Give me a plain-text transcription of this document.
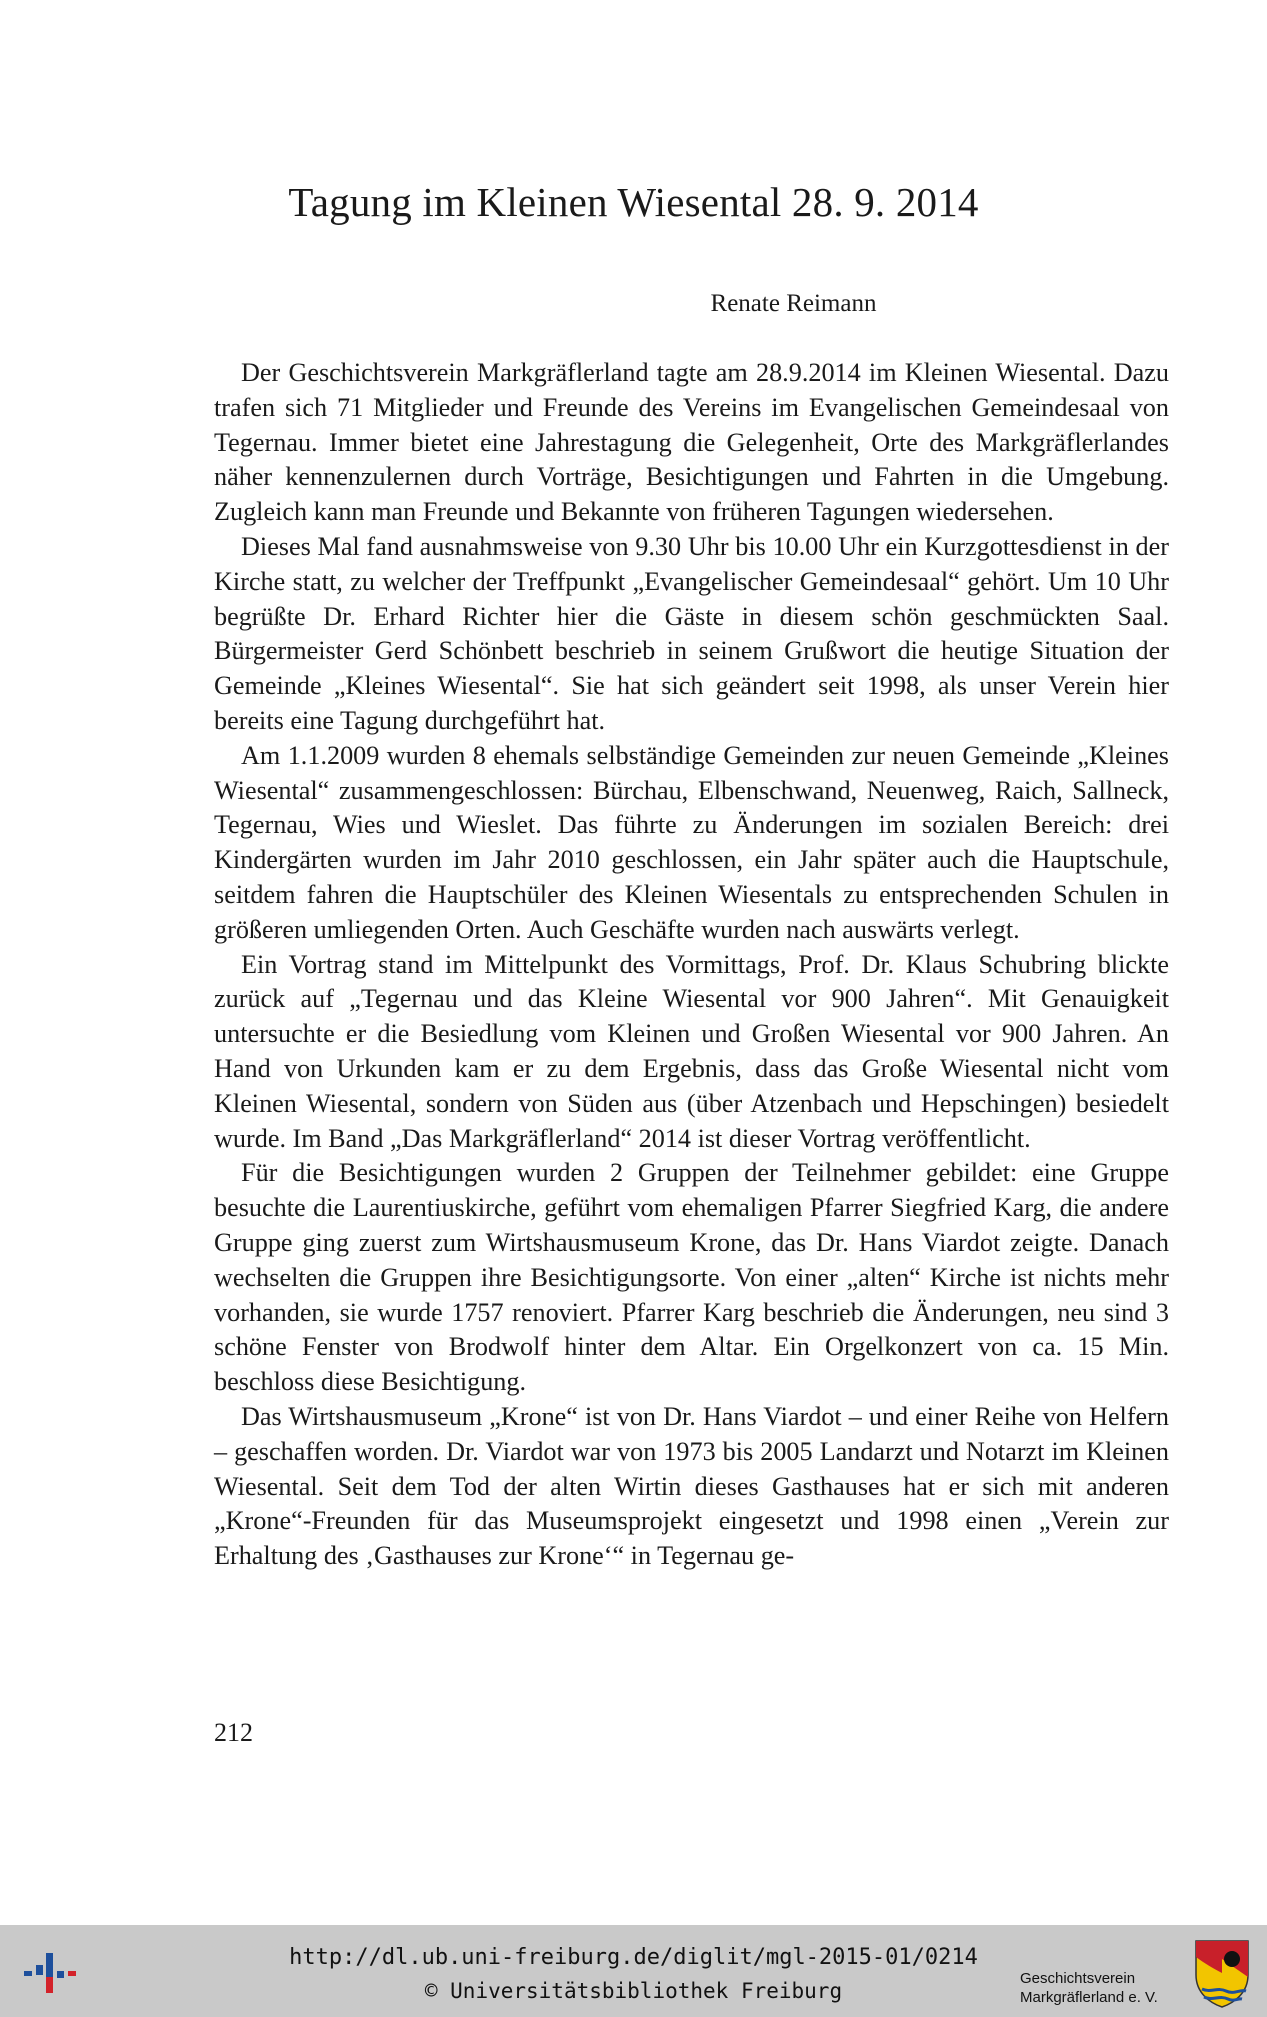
Tagung im Kleinen Wiesental 28. 9. 2014

Renate Reimann

Der Geschichtsverein Markgräflerland tagte am 28.9.2014 im Kleinen Wiesental. Dazu trafen sich 71 Mitglieder und Freunde des Vereins im Evangelischen Gemeindesaal von Tegernau. Immer bietet eine Jahrestagung die Gelegenheit, Orte des Markgräflerlandes näher kennenzulernen durch Vorträge, Besichtigungen und Fahrten in die Umgebung. Zugleich kann man Freunde und Bekannte von früheren Tagungen wiedersehen.

Dieses Mal fand ausnahmsweise von 9.30 Uhr bis 10.00 Uhr ein Kurzgottesdienst in der Kirche statt, zu welcher der Treffpunkt „Evangelischer Gemeindesaal“ gehört. Um 10 Uhr begrüßte Dr. Erhard Richter hier die Gäste in diesem schön geschmückten Saal. Bürgermeister Gerd Schönbett beschrieb in seinem Grußwort die heutige Situation der Gemeinde „Kleines Wiesental“. Sie hat sich geändert seit 1998, als unser Verein hier bereits eine Tagung durchgeführt hat.

Am 1.1.2009 wurden 8 ehemals selbständige Gemeinden zur neuen Gemeinde „Kleines Wiesental“ zusammengeschlossen: Bürchau, Elbenschwand, Neuenweg, Raich, Sallneck, Tegernau, Wies und Wieslet. Das führte zu Änderungen im sozialen Bereich: drei Kindergärten wurden im Jahr 2010 geschlossen, ein Jahr später auch die Hauptschule, seitdem fahren die Hauptschüler des Kleinen Wiesentals zu entsprechenden Schulen in größeren umliegenden Orten. Auch Geschäfte wurden nach auswärts verlegt.

Ein Vortrag stand im Mittelpunkt des Vormittags, Prof. Dr. Klaus Schubring blickte zurück auf „Tegernau und das Kleine Wiesental vor 900 Jahren“. Mit Genauigkeit untersuchte er die Besiedlung vom Kleinen und Großen Wiesental vor 900 Jahren. An Hand von Urkunden kam er zu dem Ergebnis, dass das Große Wiesental nicht vom Kleinen Wiesental, sondern von Süden aus (über Atzenbach und Hepschingen) besiedelt wurde. Im Band „Das Markgräflerland“ 2014 ist dieser Vortrag veröffentlicht.

Für die Besichtigungen wurden 2 Gruppen der Teilnehmer gebildet: eine Gruppe besuchte die Laurentiuskirche, geführt vom ehemaligen Pfarrer Siegfried Karg, die andere Gruppe ging zuerst zum Wirtshausmuseum Krone, das Dr. Hans Viardot zeigte. Danach wechselten die Gruppen ihre Besichtigungsorte. Von einer „alten“ Kirche ist nichts mehr vorhanden, sie wurde 1757 renoviert. Pfarrer Karg beschrieb die Änderungen, neu sind 3 schöne Fenster von Brodwolf hinter dem Altar. Ein Orgelkonzert von ca. 15 Min. beschloss diese Besichtigung.

Das Wirtshausmuseum „Krone“ ist von Dr. Hans Viardot – und einer Reihe von Helfern – geschaffen worden. Dr. Viardot war von 1973 bis 2005 Landarzt und Notarzt im Kleinen Wiesental. Seit dem Tod der alten Wirtin dieses Gasthauses hat er sich mit anderen „Krone“-Freunden für das Museumsprojekt eingesetzt und 1998 einen „Verein zur Erhaltung des ‚Gasthauses zur Krone‘“ in Tegernau ge-

212

http://dl.ub.uni-freiburg.de/diglit/mgl-2015-01/0214
© Universitätsbibliothek Freiburg
Geschichtsverein
Markgräflerland e. V.
